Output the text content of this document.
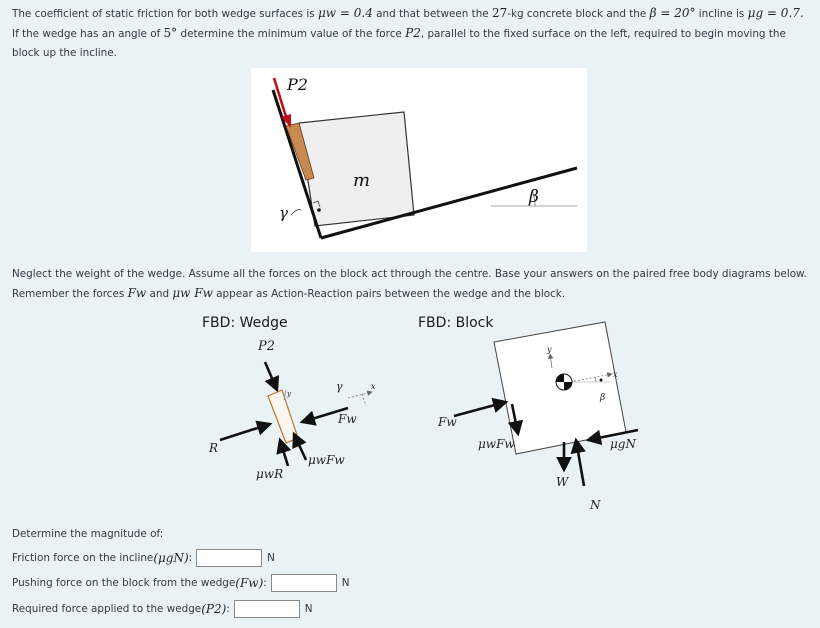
The coefficient of static friction for both wedge surfaces is μw = 0.4 and that between the 27-kg concrete block and the β = 20° incline is μg = 0.7. If the wedge has an angle of 5° determine the minimum value of the force P2, parallel to the fixed surface on the left, required to begin moving the block up the incline.

P2
m
β
γ

Neglect the weight of the wedge. Assume all the forces on the block act through the centre. Base your answers on the paired free body diagrams below. Remember the forces Fw and μw Fw appear as Action-Reaction pairs between the wedge and the block.

FBD: Wedge
P2
y
γ	x
Fw
μwFw
R
μwR
FBD: Block
y
x
β
Fw
μwFw	μgN
W
N

Determine the magnitude of:

Friction force on the incline (μgN) :	N
Pushing force on the block from the wedge (Fw) :	N
Required force applied to the wedge (P2) :	N
